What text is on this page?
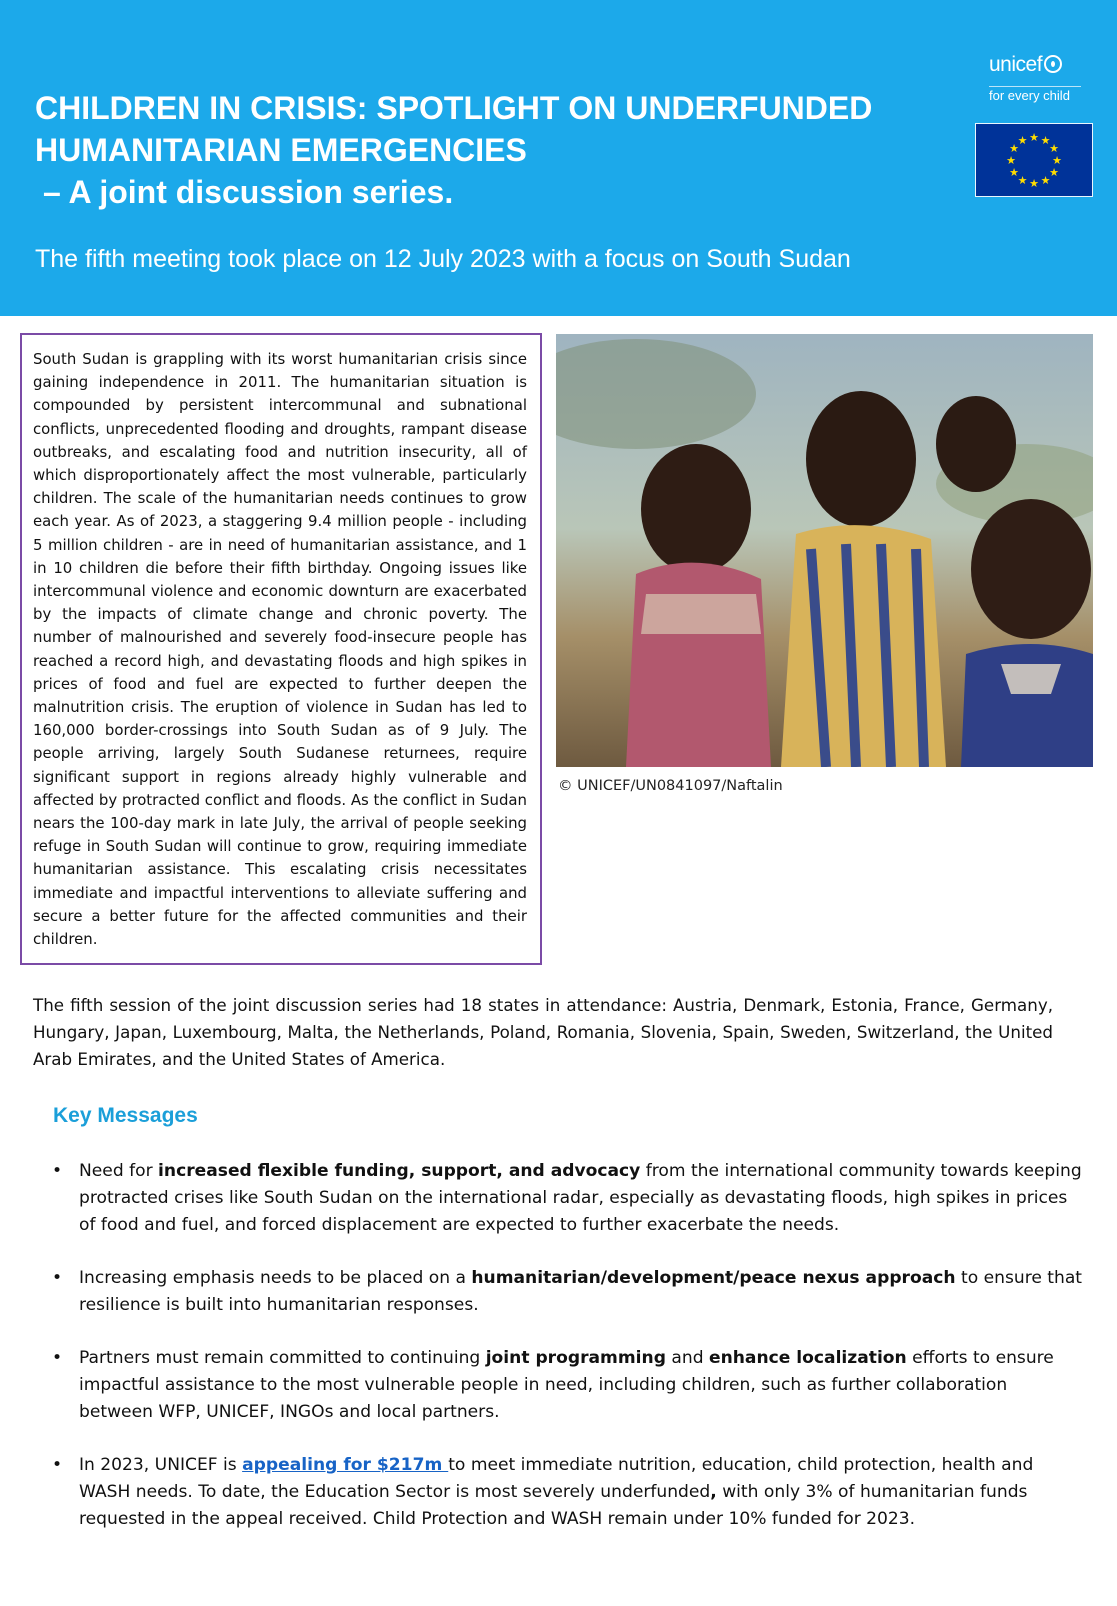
CHILDREN IN CRISIS: SPOTLIGHT ON UNDERFUNDED
HUMANITARIAN EMERGENCIES
– A joint discussion series.
The fifth meeting took place on 12 July 2023 with a focus on South Sudan
unicef
for every child
★ ★
★
★
★
★
★
★
★
★
★
★

South Sudan is grappling with its worst humanitarian crisis since gaining independence in 2011. The humanitarian situation is compounded by persistent intercommunal and subnational conflicts, unprecedented flooding and droughts, rampant disease outbreaks, and escalating food and nutrition insecurity, all of which disproportionately affect the most vulnerable, particularly children. The scale of the humanitarian needs continues to grow each year. As of 2023, a staggering 9.4 million people - including 5 million children - are in need of humanitarian assistance, and 1 in 10 children die before their fifth birthday. Ongoing issues like intercommunal violence and economic downturn are exacerbated by the impacts of climate change and chronic poverty. The number of malnourished and severely food-insecure people has reached a record high, and devastating floods and high spikes in prices of food and fuel are expected to further deepen the malnutrition crisis. The eruption of violence in Sudan has led to 160,000 border-crossings into South Sudan as of 9 July. The people arriving, largely South Sudanese returnees, require significant support in regions already highly vulnerable and affected by protracted conflict and floods. As the conflict in Sudan nears the 100-day mark in late July, the arrival of people seeking refuge in South Sudan will continue to grow, requiring immediate humanitarian assistance. This escalating crisis necessitates immediate and impactful interventions to alleviate suffering and secure a better future for the affected communities and their children.

© UNICEF/UN0841097/Naftalin

The fifth session of the joint discussion series had 18 states in attendance: Austria, Denmark, Estonia, France, Germany, Hungary, Japan, Luxembourg, Malta, the Netherlands, Poland, Romania, Slovenia, Spain, Sweden, Switzerland, the United Arab Emirates, and the United States of America.

Key Messages
• Need for increased flexible funding, support, and advocacy from the international community towards keeping protracted crises like South Sudan on the international radar, especially as devastating floods, high spikes in prices of food and fuel, and forced displacement are expected to further exacerbate the needs.
• Increasing emphasis needs to be placed on a humanitarian/development/peace nexus approach to ensure that resilience is built into humanitarian responses.
• Partners must remain committed to continuing joint programming and enhance localization efforts to ensure impactful assistance to the most vulnerable people in need, including children, such as further collaboration between WFP, UNICEF, INGOs and local partners.
• In 2023, UNICEF is appealing for $217m to meet immediate nutrition, education, child protection, health and WASH needs. To date, the Education Sector is most severely underfunded, with only 3% of humanitarian funds requested in the appeal received. Child Protection and WASH remain under 10% funded for 2023.
